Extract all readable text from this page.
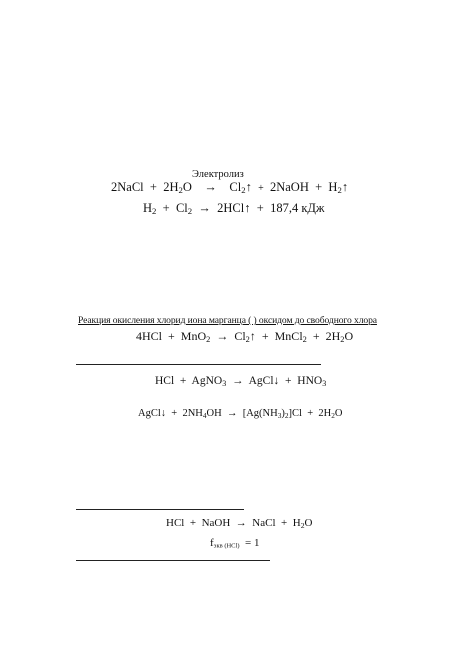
Электролиз
2NaCl + $2H_2O$ → $Cl_2↑$ + 2NaOH + $H_2↑$
$H_2 + Cl_2$ → 2HCl↑ + 187,4 кДж
Реакция окисления хлорид иона марганца ( ) оксидом до свободного хлора
$4HCl + MnO_2 \to Cl_2↑$ + MnCl$_2$ + $2H_2O$
HCl + AgNO$_3$ → AgCl↓ + $HNO_3$
AgCl↓ + $2NH_4OH \to [Ag(NH_3)_2]Cl + 2H_2O$
HCl + NaOH → NaCl + $H_2O$
$f_{экв (HCl)} = 1$
